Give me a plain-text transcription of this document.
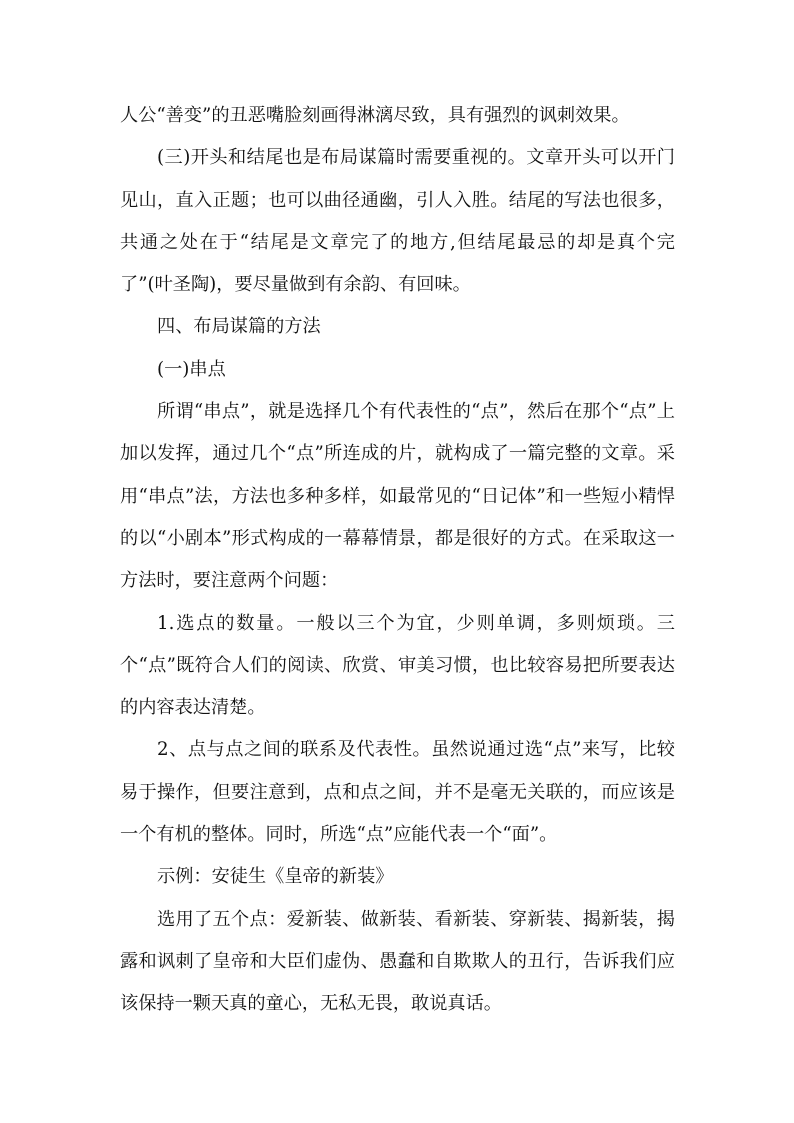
人公“善变”的丑恶嘴脸刻画得淋漓尽致，具有强烈的讽刺效果。

(三)开头和结尾也是布局谋篇时需要重视的。文章开头可以开门见山，直入正题；也可以曲径通幽，引人入胜。结尾的写法也很多，共通之处在于“结尾是文章完了的地方,但结尾最忌的却是真个完了”(叶圣陶)，要尽量做到有余韵、有回味。

四、布局谋篇的方法

(一)串点

所谓“串点”，就是选择几个有代表性的“点”，然后在那个“点”上加以发挥，通过几个“点”所连成的片，就构成了一篇完整的文章。采用“串点”法，方法也多种多样，如最常见的“日记体”和一些短小精悍的以“小剧本”形式构成的一幕幕情景，都是很好的方式。在采取这一方法时，要注意两个问题：

1.选点的数量。一般以三个为宜，少则单调，多则烦琐。三个“点”既符合人们的阅读、欣赏、审美习惯，也比较容易把所要表达的内容表达清楚。

2、点与点之间的联系及代表性。虽然说通过选“点”来写，比较易于操作，但要注意到，点和点之间，并不是毫无关联的，而应该是一个有机的整体。同时，所选“点”应能代表一个“面”。

示例：安徒生《皇帝的新装》

选用了五个点：爱新装、做新装、看新装、穿新装、揭新装，揭露和讽刺了皇帝和大臣们虚伪、愚蠢和自欺欺人的丑行，告诉我们应该保持一颗天真的童心，无私无畏，敢说真话。
